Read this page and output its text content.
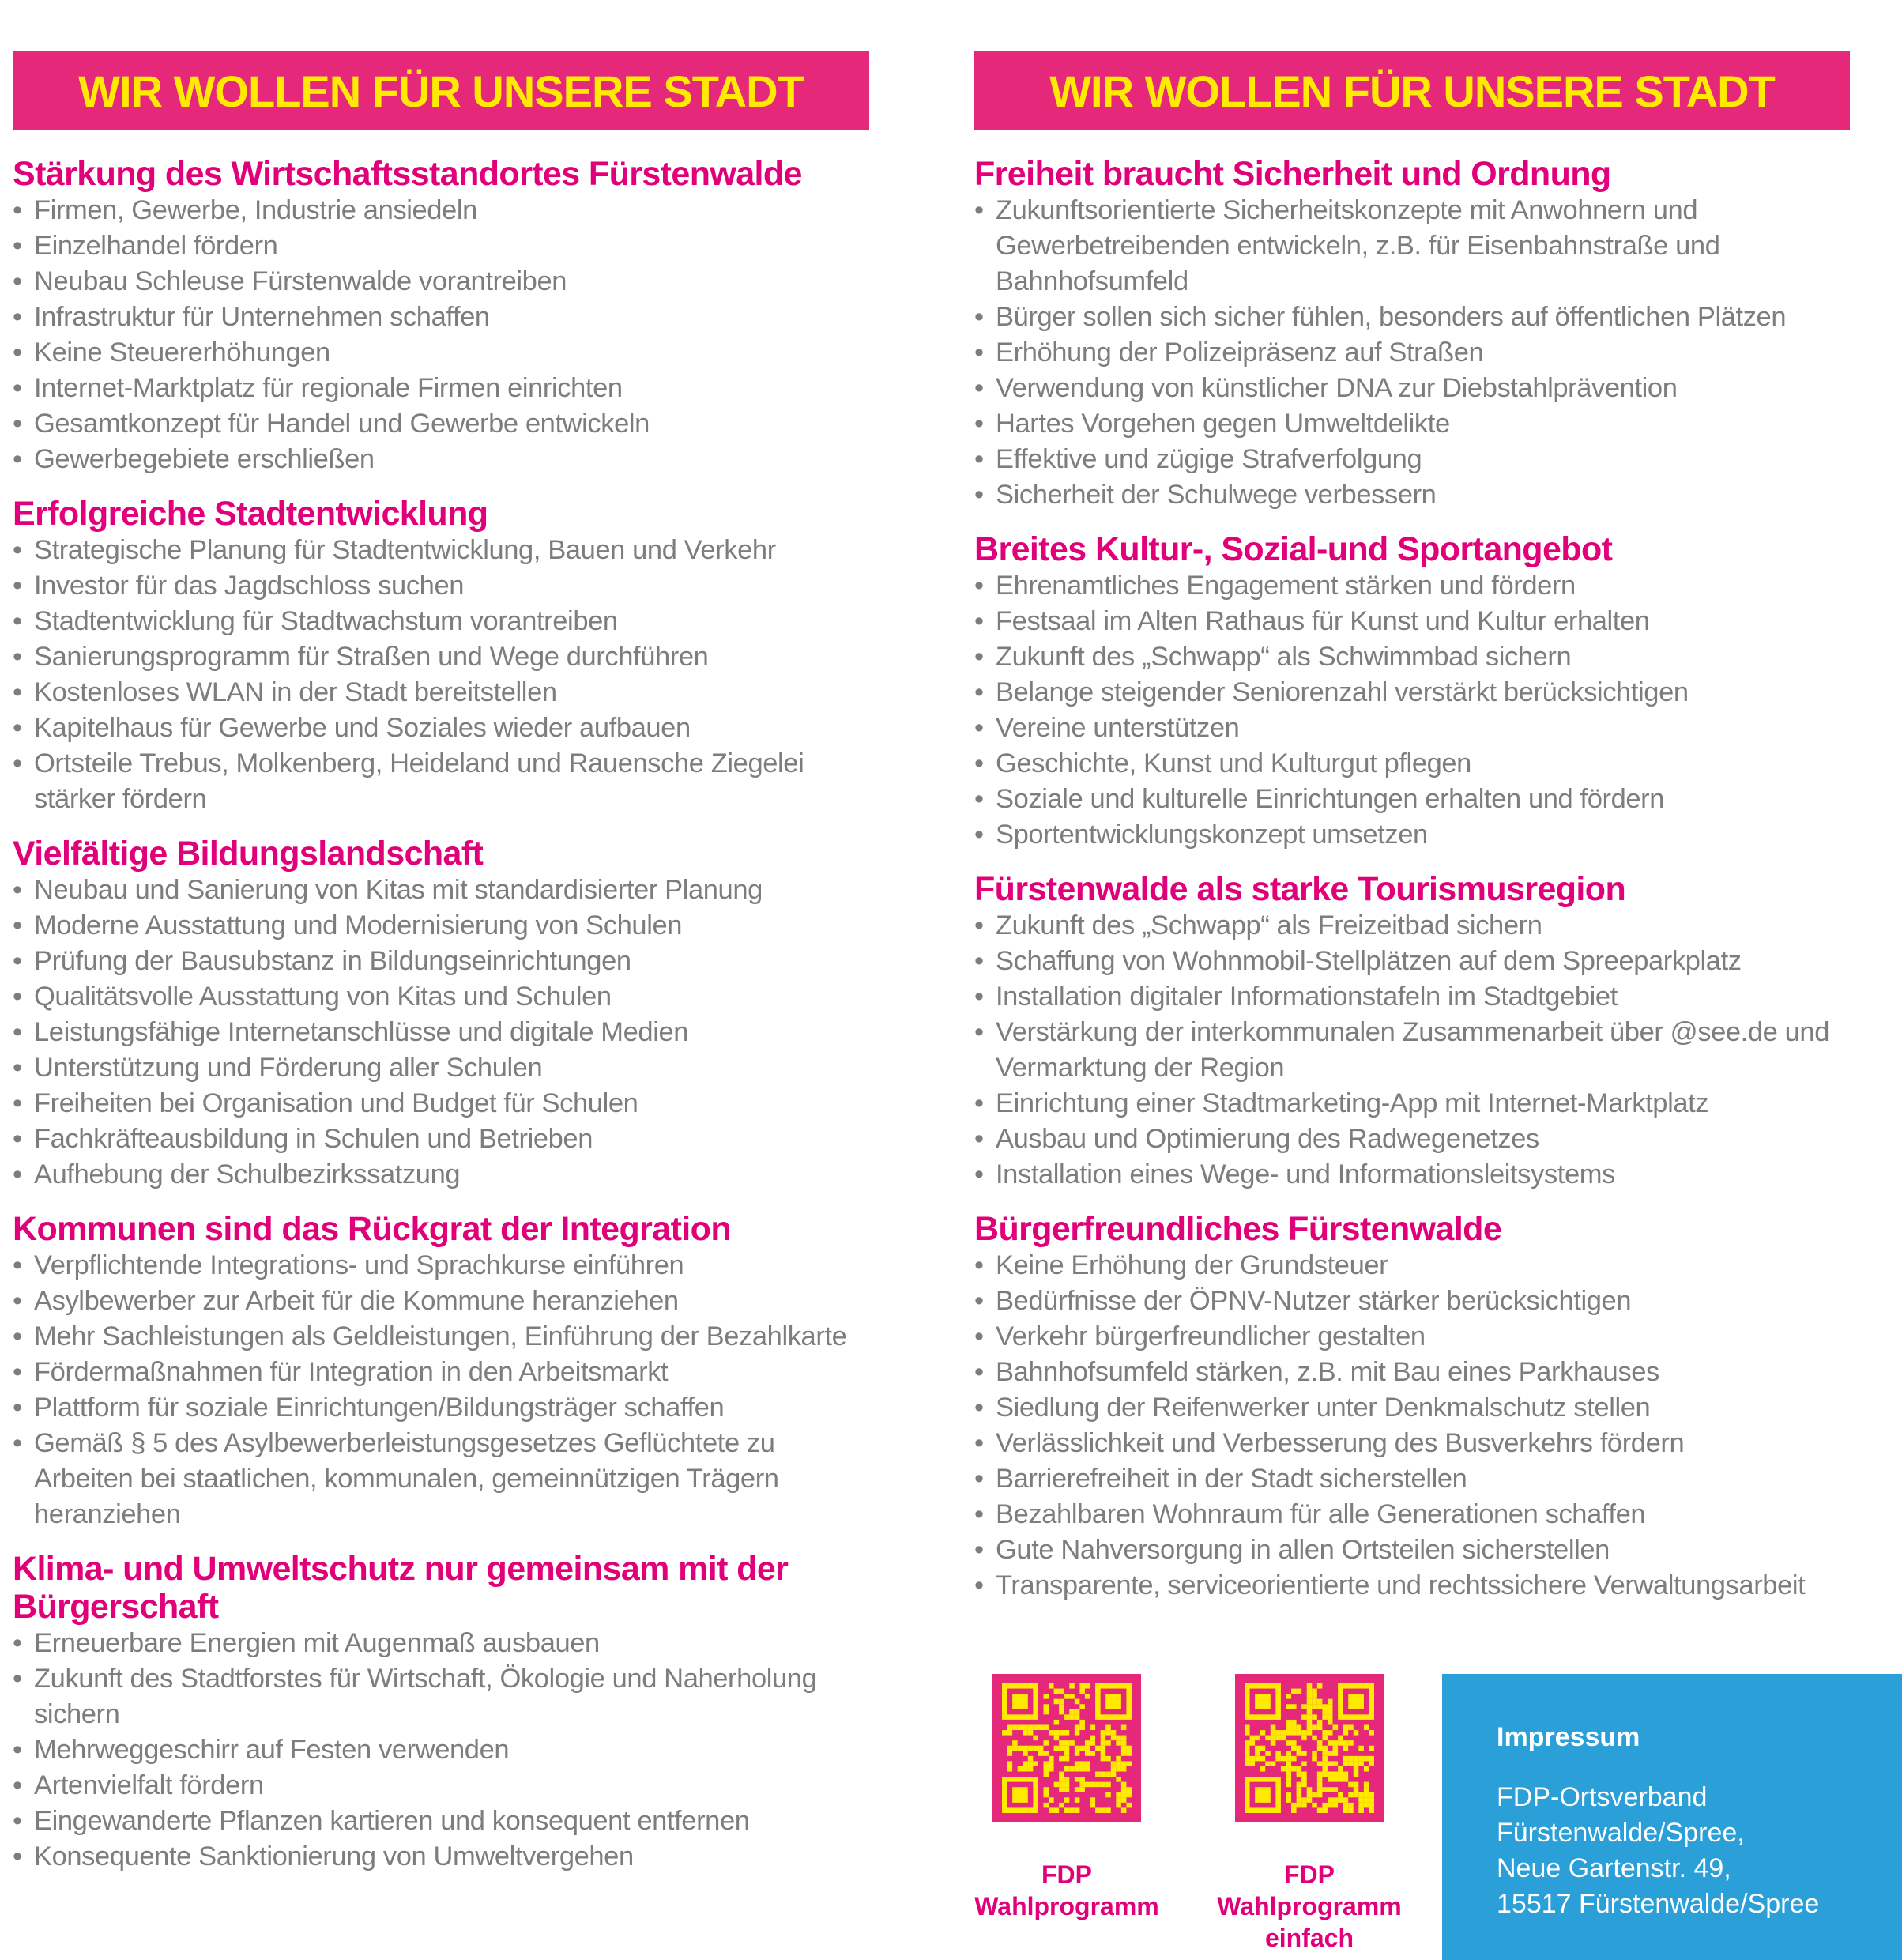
WIR WOLLEN FÜR UNSERE STADT	WIR WOLLEN FÜR UNSERE STADT
Stärkung des Wirtschaftsstandortes Fürstenwalde
• Firmen, Gewerbe, Industrie ansiedeln
• Einzelhandel fördern
• Neubau Schleuse Fürstenwalde vorantreiben
• Infrastruktur für Unternehmen schaffen
• Keine Steuererhöhungen
• Internet-Marktplatz für regionale Firmen einrichten
• Gesamtkonzept für Handel und Gewerbe entwickeln
• Gewerbegebiete erschließen
Erfolgreiche Stadtentwicklung
• Strategische Planung für Stadtentwicklung, Bauen und Verkehr
• Investor für das Jagdschloss suchen
• Stadtentwicklung für Stadtwachstum vorantreiben
• Sanierungsprogramm für Straßen und Wege durchführen
• Kostenloses WLAN in der Stadt bereitstellen
• Kapitelhaus für Gewerbe und Soziales wieder aufbauen
• Ortsteile Trebus, Molkenberg, Heideland und Rauensche Ziegelei stärker fördern
Vielfältige Bildungslandschaft
• Neubau und Sanierung von Kitas mit standardisierter Planung
• Moderne Ausstattung und Modernisierung von Schulen
• Prüfung der Bausubstanz in Bildungseinrichtungen
• Qualitätsvolle Ausstattung von Kitas und Schulen
• Leistungsfähige Internetanschlüsse und digitale Medien
• Unterstützung und Förderung aller Schulen
• Freiheiten bei Organisation und Budget für Schulen
• Fachkräfteausbildung in Schulen und Betrieben
• Aufhebung der Schulbezirkssatzung
Kommunen sind das Rückgrat der Integration
• Verpflichtende Integrations- und Sprachkurse einführen
• Asylbewerber zur Arbeit für die Kommune heranziehen
• Mehr Sachleistungen als Geldleistungen, Einführung der Bezahlkarte
• Fördermaßnahmen für Integration in den Arbeitsmarkt
• Plattform für soziale Einrichtungen/Bildungsträger schaffen
• Gemäß § 5 des Asylbewerberleistungsgesetzes Geflüchtete zu Arbeiten bei staatlichen, kommunalen, gemeinnützigen Trägern heranziehen
Klima- und Umweltschutz nur gemeinsam mit der Bürgerschaft
• Erneuerbare Energien mit Augenmaß ausbauen
• Zukunft des Stadtforstes für Wirtschaft, Ökologie und Naherholung sichern
• Mehrweggeschirr auf Festen verwenden
• Artenvielfalt fördern
• Eingewanderte Pflanzen kartieren und konsequent entfernen
• Konsequente Sanktionierung von Umweltvergehen
Freiheit braucht Sicherheit und Ordnung
• Zukunftsorientierte Sicherheitskonzepte mit Anwohnern und Gewerbetreibenden entwickeln, z.B. für Eisenbahnstraße und Bahnhofsumfeld
• Bürger sollen sich sicher fühlen, besonders auf öffentlichen Plätzen
• Erhöhung der Polizeipräsenz auf Straßen
• Verwendung von künstlicher DNA zur Diebstahlprävention
• Hartes Vorgehen gegen Umweltdelikte
• Effektive und zügige Strafverfolgung
• Sicherheit der Schulwege verbessern
Breites Kultur-, Sozial-und Sportangebot
• Ehrenamtliches Engagement stärken und fördern
• Festsaal im Alten Rathaus für Kunst und Kultur erhalten
• Zukunft des „Schwapp“ als Schwimmbad sichern
• Belange steigender Seniorenzahl verstärkt berücksichtigen
• Vereine unterstützen
• Geschichte, Kunst und Kulturgut pflegen
• Soziale und kulturelle Einrichtungen erhalten und fördern
• Sportentwicklungskonzept umsetzen
Fürstenwalde als starke Tourismusregion
• Zukunft des „Schwapp“ als Freizeitbad sichern
• Schaffung von Wohnmobil-Stellplätzen auf dem Spreeparkplatz
• Installation digitaler Informationstafeln im Stadtgebiet
• Verstärkung der interkommunalen Zusammenarbeit über @see.de und Vermarktung der Region
• Einrichtung einer Stadtmarketing-App mit Internet-Marktplatz
• Ausbau und Optimierung des Radwegenetzes
• Installation eines Wege- und Informationsleitsystems
Bürgerfreundliches Fürstenwalde
• Keine Erhöhung der Grundsteuer
• Bedürfnisse der ÖPNV-Nutzer stärker berücksichtigen
• Verkehr bürgerfreundlicher gestalten
• Bahnhofsumfeld stärken, z.B. mit Bau eines Parkhauses
• Siedlung der Reifenwerker unter Denkmalschutz stellen
• Verlässlichkeit und Verbesserung des Busverkehrs fördern
• Barrierefreiheit in der Stadt sicherstellen
• Bezahlbaren Wohnraum für alle Generationen schaffen
• Gute Nahversorgung in allen Ortsteilen sicherstellen
• Transparente, serviceorientierte und rechtssichere Verwaltungsarbeit
FDP
Wahlprogramm
FDP Wahlprogramm
einfach
Impressum
FDP-Ortsverband
Fürstenwalde/Spree,
Neue Gartenstr. 49,
15517 Fürstenwalde/Spree
